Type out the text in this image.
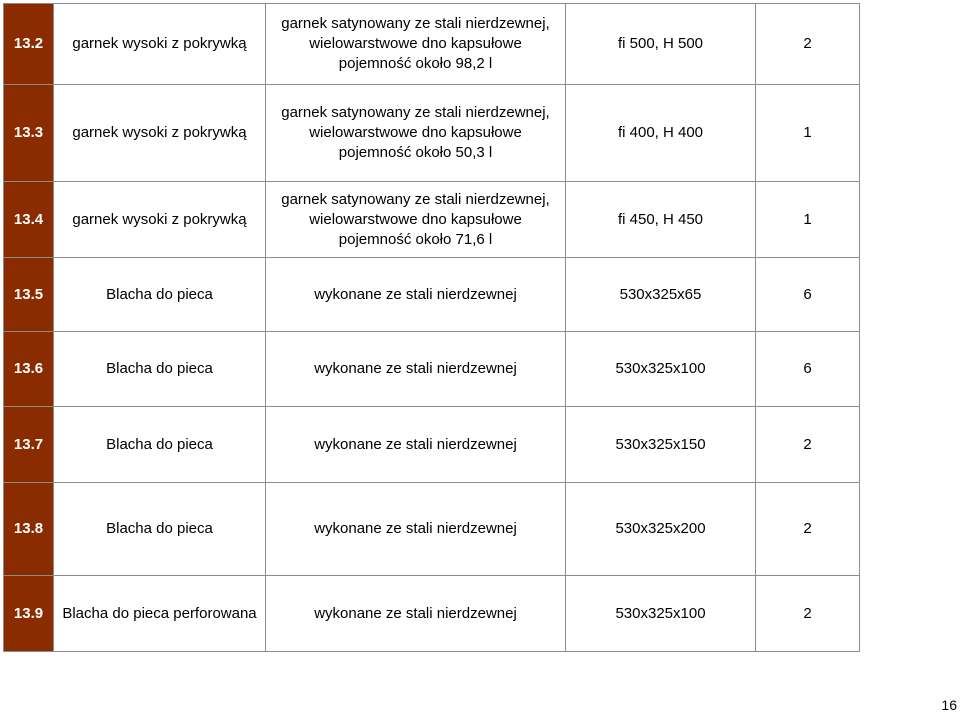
13.2	garnek wysoki z pokrywką	garnek satynowany ze stali nierdzewnej,
wielowarstwowe dno kapsułowe
pojemność około 98,2 l	fi 500, H 500	2
13.3	garnek wysoki z pokrywką	garnek satynowany ze stali nierdzewnej,
wielowarstwowe dno kapsułowe
pojemność około 50,3 l	fi 400, H 400	1
13.4	garnek wysoki z pokrywką	garnek satynowany ze stali nierdzewnej,
wielowarstwowe dno kapsułowe
pojemność około 71,6 l	fi 450, H 450	1
13.5	Blacha do pieca	wykonane ze stali nierdzewnej	530x325x65	6
13.6	Blacha do pieca	wykonane ze stali nierdzewnej	530x325x100	6
13.7	Blacha do pieca	wykonane ze stali nierdzewnej	530x325x150	2
13.8	Blacha do pieca	wykonane ze stali nierdzewnej	530x325x200	2
13.9	Blacha do pieca perforowana	wykonane ze stali nierdzewnej	530x325x100	2
16
